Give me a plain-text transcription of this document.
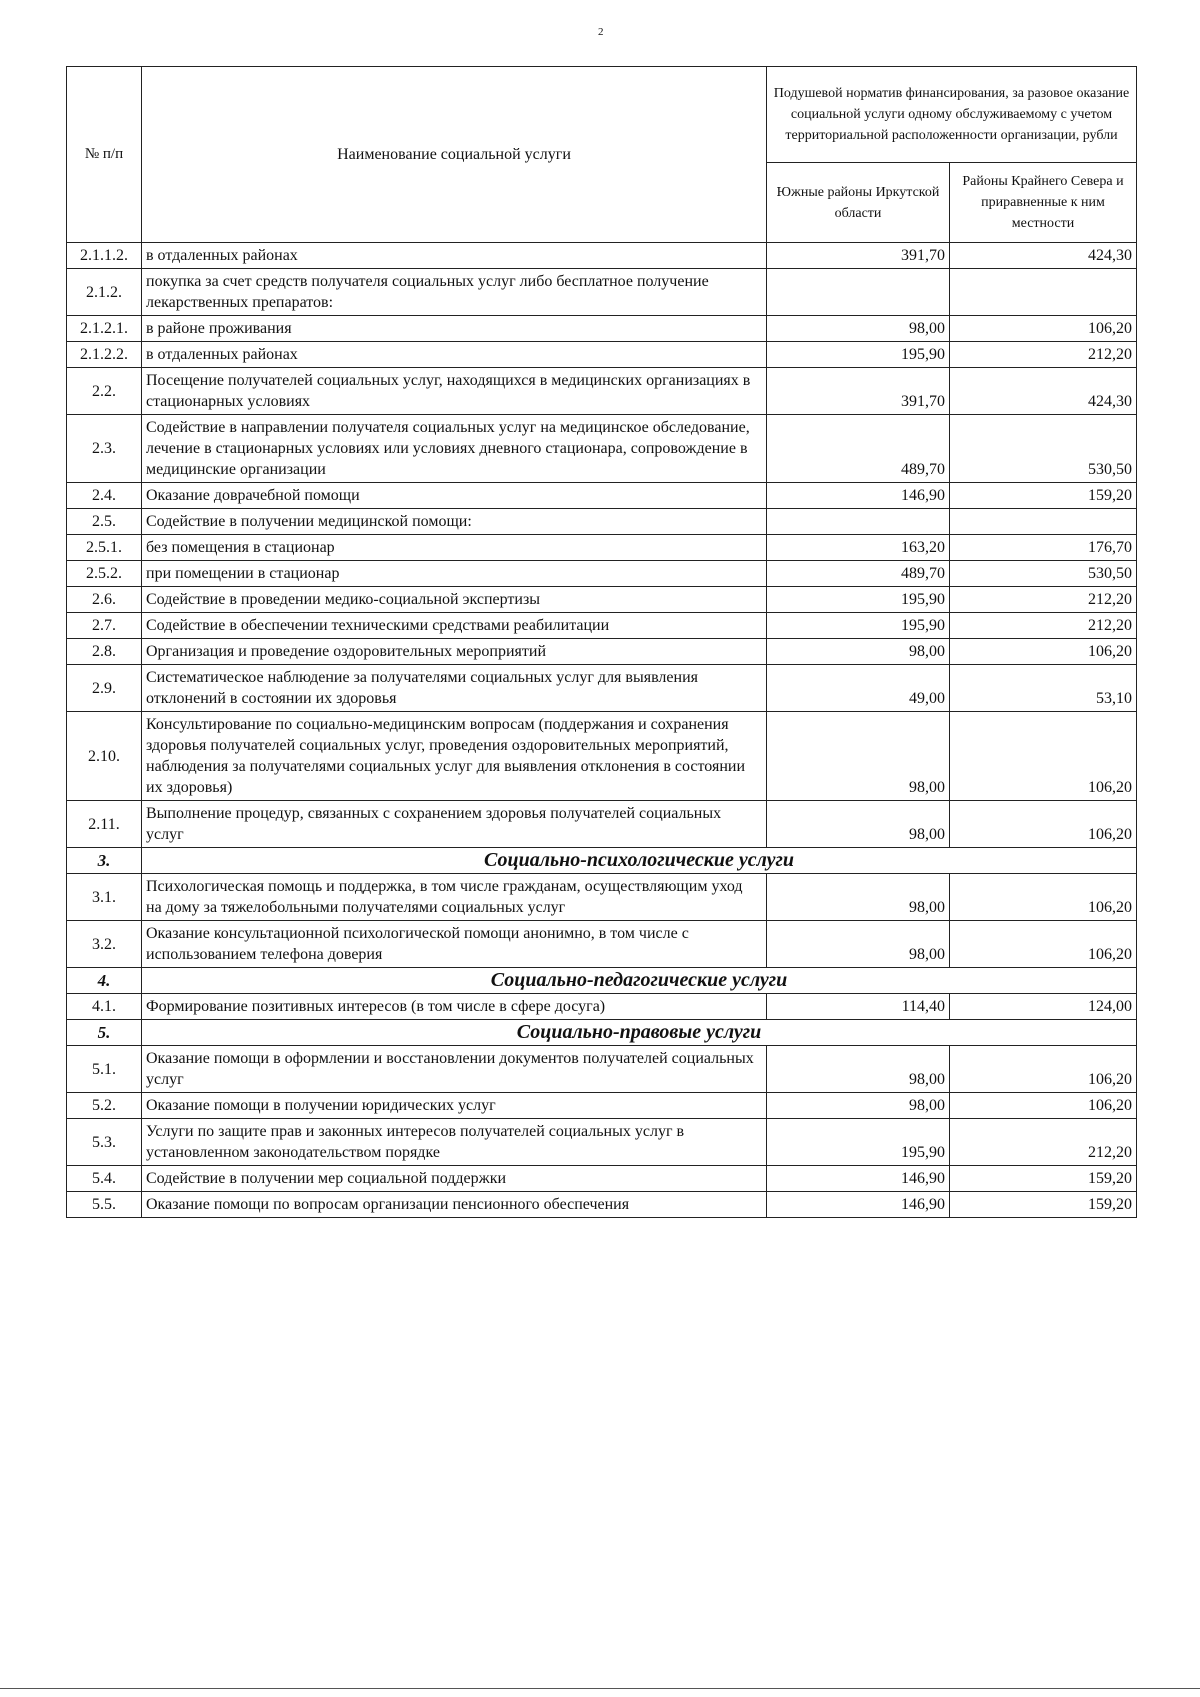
2
№ п/п	Наименование социальной услуги	Подушевой норматив финансирования, за разовое оказание социальной услуги одному обслуживаемому с учетом территориальной расположенности организации, рубли	
		Южные районы Иркутской области	Районы Крайнего Севера и приравненные к ним местности
2.1.1.2.	в отдаленных районах	391,70	424,30
2.1.2.	покупка за счет средств получателя социальных услуг либо бесплатное получение лекарственных препаратов:		
2.1.2.1.	в районе проживания	98,00	106,20
2.1.2.2.	в отдаленных районах	195,90	212,20
2.2.	Посещение получателей социальных услуг, находящихся в медицинских организациях в стационарных условиях	391,70	424,30
2.3.	Содействие в направлении получателя социальных услуг на медицинское обследование, лечение в стационарных условиях или условиях дневного стационара, сопровождение в медицинские организации	489,70	530,50
2.4.	Оказание доврачебной помощи	146,90	159,20
2.5.	Содействие в получении медицинской помощи:		
2.5.1.	без помещения в стационар	163,20	176,70
2.5.2.	при помещении в стационар	489,70	530,50
2.6.	Содействие в проведении медико-социальной экспертизы	195,90	212,20
2.7.	Содействие в обеспечении техническими средствами реабилитации	195,90	212,20
2.8.	Организация и проведение оздоровительных мероприятий	98,00	106,20
2.9.	Систематическое наблюдение за получателями социальных услуг для выявления отклонений в состоянии их здоровья	49,00	53,10
2.10.	Консультирование по социально-медицинским вопросам (поддержания и сохранения здоровья получателей социальных услуг, проведения оздоровительных мероприятий, наблюдения за получателями социальных услуг для выявления отклонения в состоянии их здоровья)	98,00	106,20
2.11.	Выполнение процедур, связанных с сохранением здоровья получателей социальных услуг	98,00	106,20
3.	Социально-психологические услуги		
3.1.	Психологическая помощь и поддержка, в том числе гражданам, осуществляющим уход на дому за тяжелобольными получателями социальных услуг	98,00	106,20
3.2.	Оказание консультационной психологической помощи анонимно, в том числе с использованием телефона доверия	98,00	106,20
4.	Социально-педагогические услуги		
4.1.	Формирование позитивных интересов (в том числе в сфере досуга)	114,40	124,00
5.	Социально-правовые услуги		
5.1.	Оказание помощи в оформлении и восстановлении документов получателей социальных услуг	98,00	106,20
5.2.	Оказание помощи в получении юридических услуг	98,00	106,20
5.3.	Услуги по защите прав и законных интересов получателей социальных услуг в установленном законодательством порядке	195,90	212,20
5.4.	Содействие в получении мер социальной поддержки	146,90	159,20
5.5.	Оказание помощи по вопросам организации пенсионного обеспечения	146,90	159,20
